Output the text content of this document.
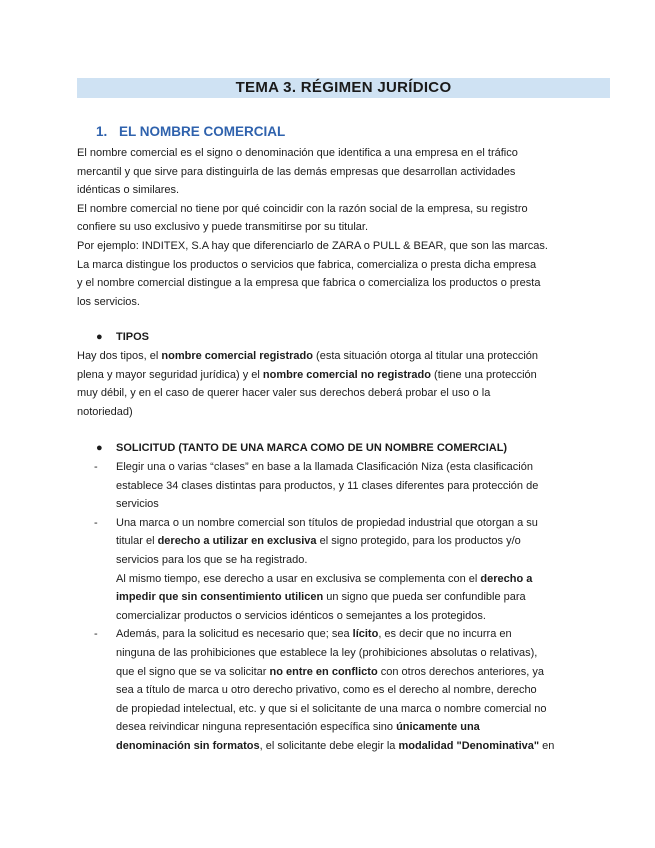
TEMA 3. RÉGIMEN JURÍDICO
1. EL NOMBRE COMERCIAL
El nombre comercial es el signo o denominación que identifica a una empresa en el tráfico
mercantil y que sirve para distinguirla de las demás empresas que desarrollan actividades
idénticas o similares.
El nombre comercial no tiene por qué coincidir con la razón social de la empresa, su registro
confiere su uso exclusivo y puede transmitirse por su titular.
Por ejemplo: INDITEX, S.A hay que diferenciarlo de ZARA o PULL & BEAR, que son las marcas.
La marca distingue los productos o servicios que fabrica, comercializa o presta dicha empresa
y el nombre comercial distingue a la empresa que fabrica o comercializa los productos o presta
los servicios.
● TIPOS
Hay dos tipos, el nombre comercial registrado (esta situación otorga al titular una protección
plena y mayor seguridad jurídica) y el nombre comercial no registrado (tiene una protección
muy débil, y en el caso de querer hacer valer sus derechos deberá probar el uso o la
notoriedad)
● SOLICITUD (TANTO DE UNA MARCA COMO DE UN NOMBRE COMERCIAL)
- Elegir una o varias “clases” en base a la llamada Clasificación Niza (esta clasificación
establece 34 clases distintas para productos, y 11 clases diferentes para protección de
servicios
- Una marca o un nombre comercial son títulos de propiedad industrial que otorgan a su
titular el derecho a utilizar en exclusiva el signo protegido, para los productos y/o
servicios para los que se ha registrado.
Al mismo tiempo, ese derecho a usar en exclusiva se complementa con el derecho a
impedir que sin consentimiento utilicen un signo que pueda ser confundible para
comercializar productos o servicios idénticos o semejantes a los protegidos.
- Además, para la solicitud es necesario que; sea lícito, es decir que no incurra en
ninguna de las prohibiciones que establece la ley (prohibiciones absolutas o relativas),
que el signo que se va solicitar no entre en conflicto con otros derechos anteriores, ya
sea a título de marca u otro derecho privativo, como es el derecho al nombre, derecho
de propiedad intelectual, etc. y que si el solicitante de una marca o nombre comercial no
desea reivindicar ninguna representación específica sino únicamente una
denominación sin formatos, el solicitante debe elegir la modalidad "Denominativa" en
